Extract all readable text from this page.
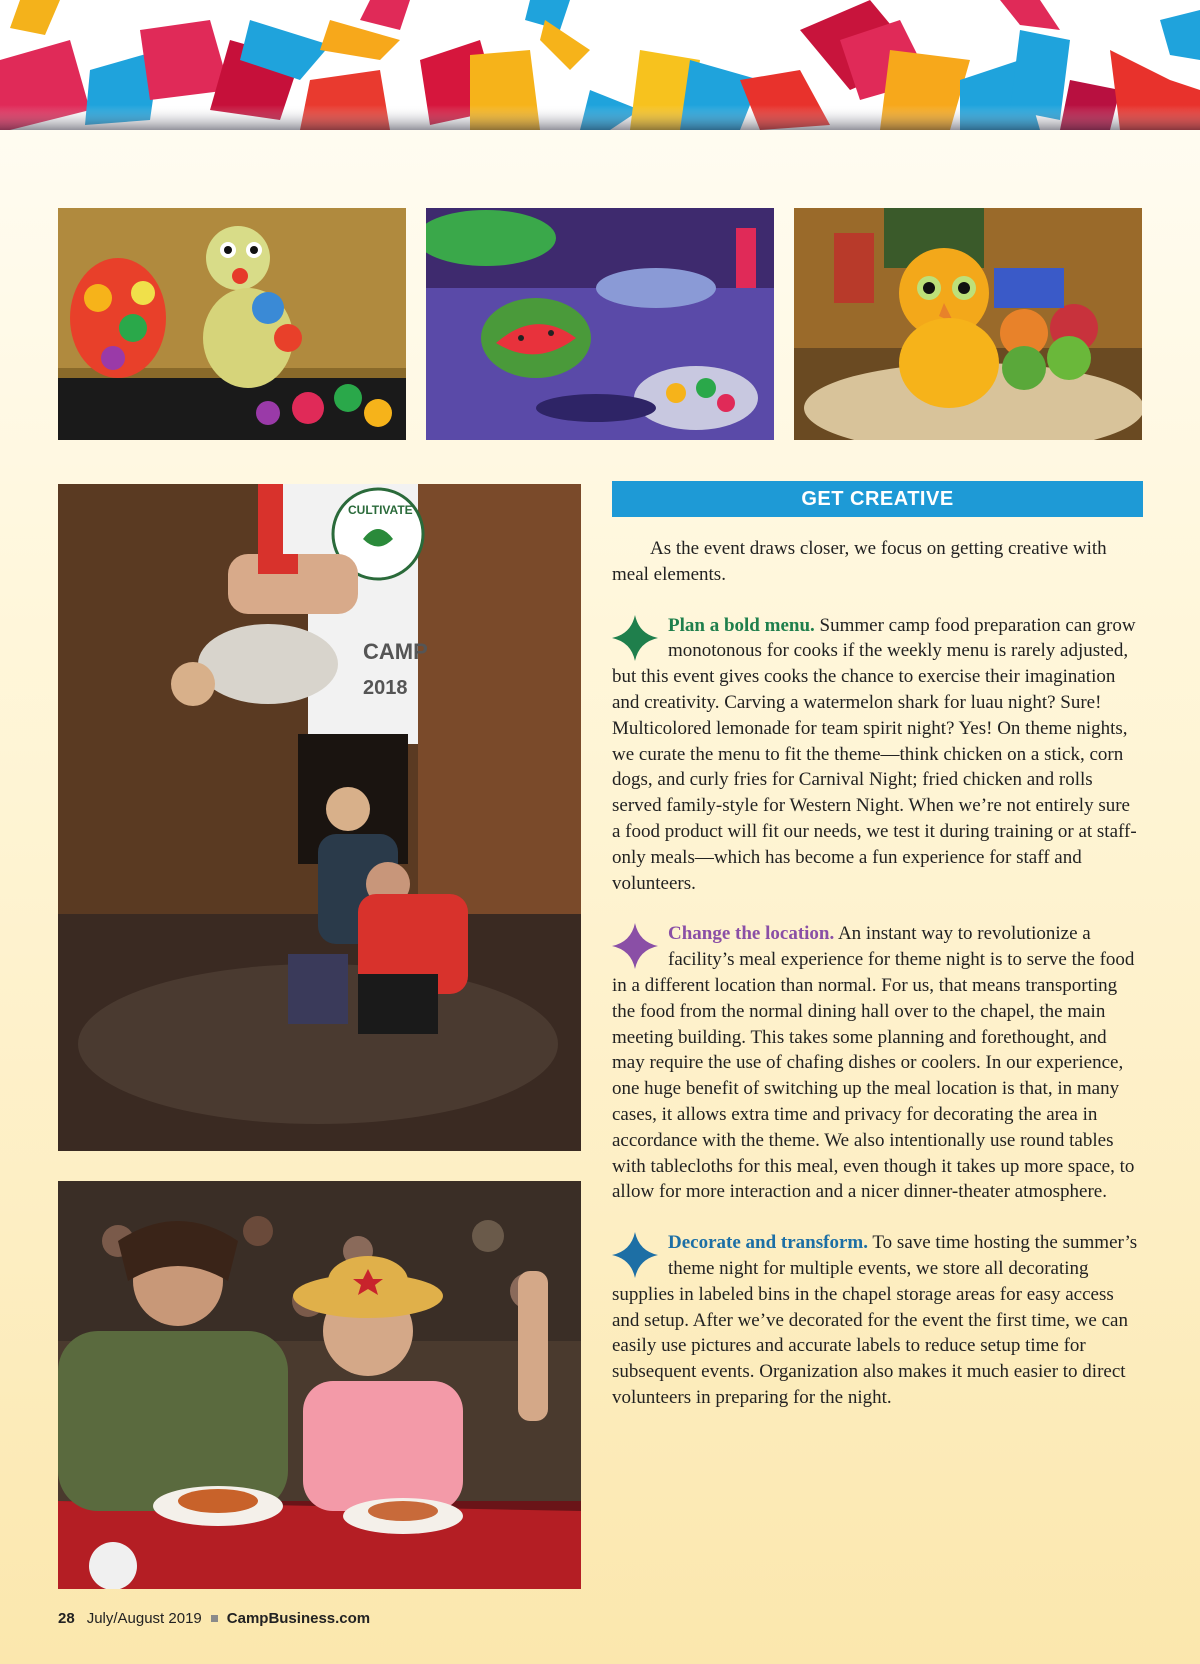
CULTIVATE
CAMP
2018
GET CREATIVE

As the event draws closer, we focus on getting creative with meal elements.

Plan a bold menu. Summer camp food preparation can grow monotonous for cooks if the weekly menu is rarely adjusted, but this event gives cooks the chance to exercise their imagination and creativity. Carving a watermelon shark for luau night? Sure! Multicolored lemonade for team spirit night? Yes! On theme nights, we curate the menu to fit the theme—think chicken on a stick, corn dogs, and curly fries for Carnival Night; fried chicken and rolls served family-style for Western Night. When we’re not entirely sure a food product will fit our needs, we test it during training or at staff-only meals—which has become a fun experience for staff and volunteers.

Change the location. An instant way to revolutionize a facility’s meal experience for theme night is to serve the food in a different location than normal. For us, that means transporting the food from the normal dining hall over to the chapel, the main meeting building. This takes some planning and forethought, and may require the use of chafing dishes or coolers. In our experience, one huge benefit of switching up the meal location is that, in many cases, it allows extra time and privacy for decorating the area in accordance with the theme. We also intentionally use round tables with tablecloths for this meal, even though it takes up more space, to allow for more interaction and a nicer dinner-theater atmosphere.

Decorate and transform. To save time hosting the summer’s theme night for multiple events, we store all decorating supplies in labeled bins in the chapel storage areas for easy access and setup. After we’ve decorated for the event the first time, we can easily use pictures and accurate labels to reduce setup time for subsequent events. Organization also makes it much easier to direct volunteers in preparing for the night.

28 July/August 2019 CampBusiness.com
